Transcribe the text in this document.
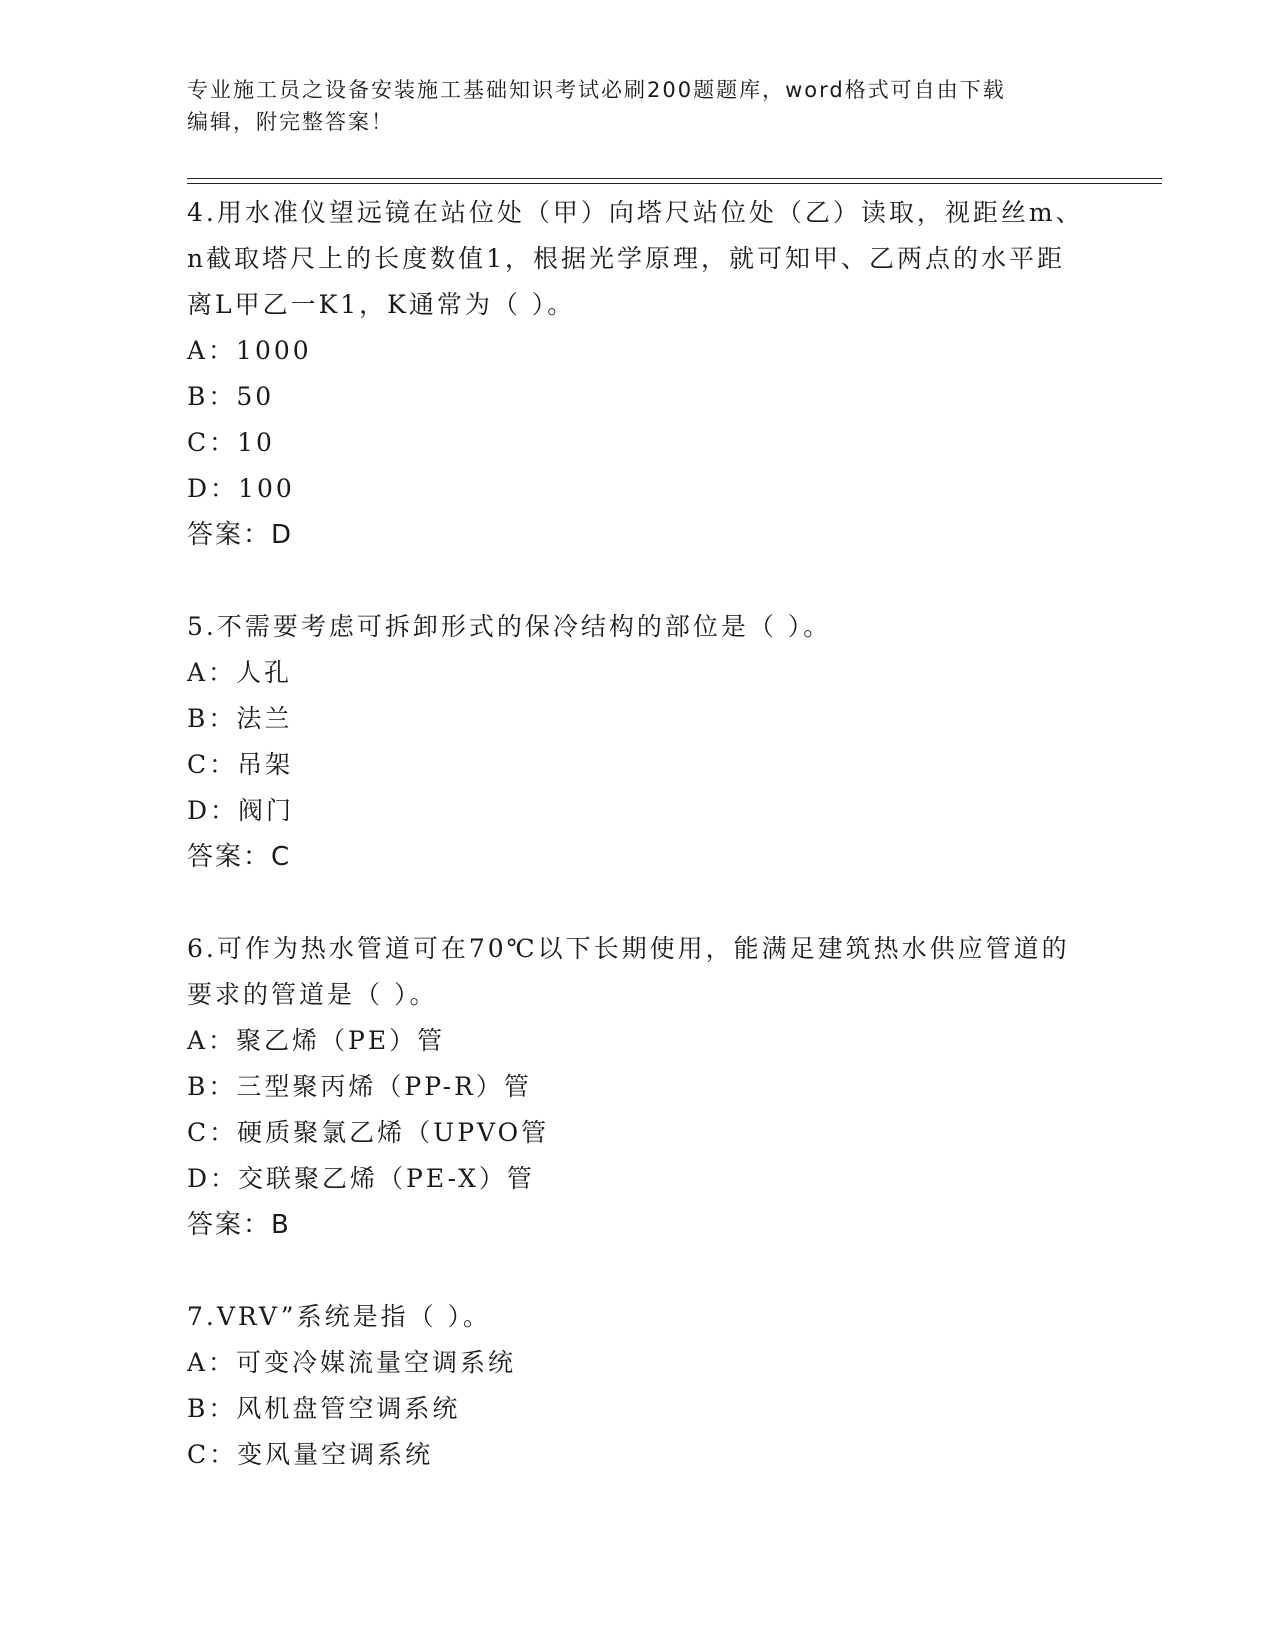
专业施工员之设备安装施工基础知识考试必刷200题题库，word格式可自由下载
编辑，附完整答案！

4.用水准仪望远镜在站位处（甲）向塔尺站位处（乙）读取，视距丝m、n截取塔尺上的长度数值1，根据光学原理，就可知甲、乙两点的水平距离L甲乙一K1，K通常为（ ）。

A：1000

B：50

C：10

D：100

答案：D

5.不需要考虑可拆卸形式的保冷结构的部位是（ ）。

A：人孔

B：法兰

C：吊架

D：阀门

答案：C

6.可作为热水管道可在70℃以下长期使用，能满足建筑热水供应管道的要求的管道是（ ）。

A：聚乙烯（PE）管

B：三型聚丙烯（PP-R）管

C：硬质聚氯乙烯（UPVO管

D：交联聚乙烯（PE-X）管

答案：B

7.VRV”系统是指（ ）。

A：可变冷媒流量空调系统

B：风机盘管空调系统

C：变风量空调系统
